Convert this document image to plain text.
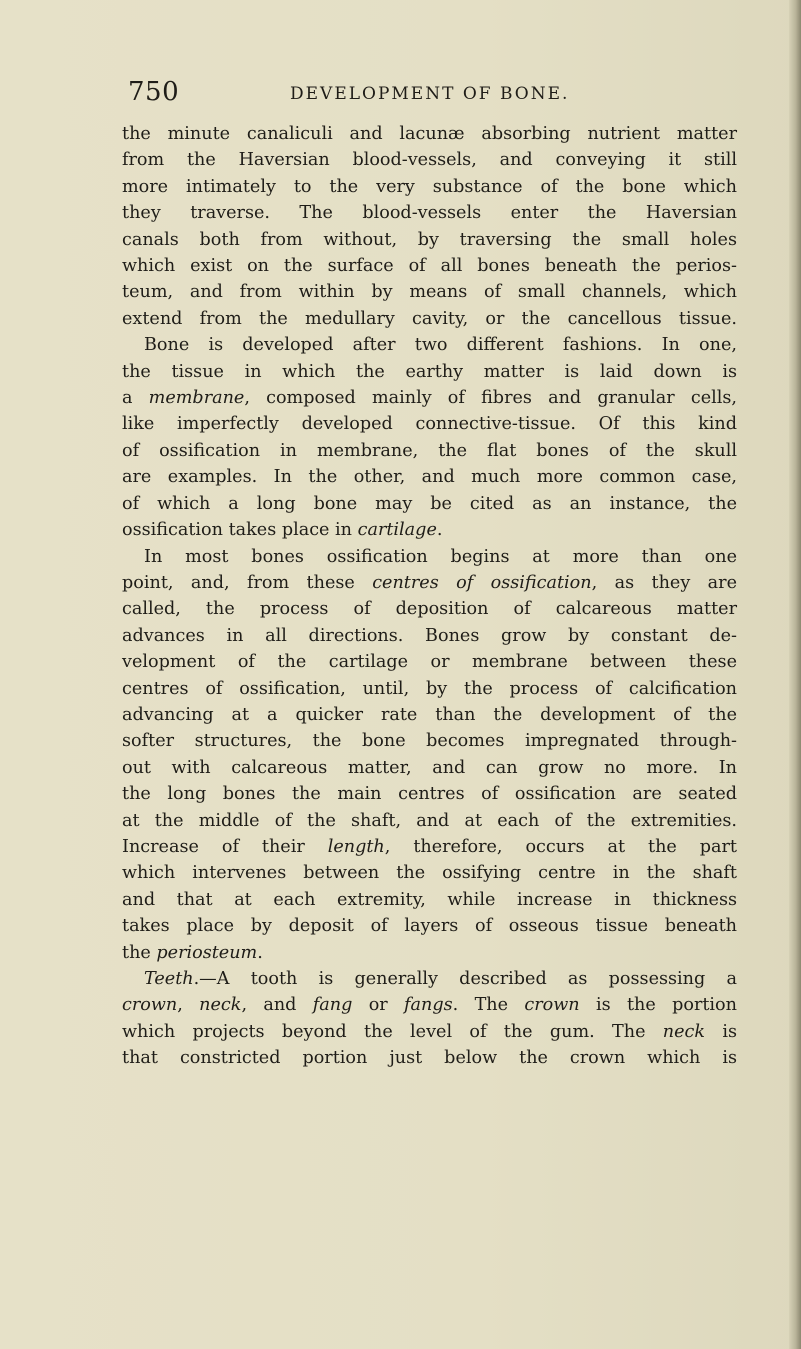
750	DEVELOPMENT OF BONE.
the minute canaliculi and lacunæ absorbing nutrient matter
from the Haversian blood-vessels, and conveying it still
more intimately to the very substance of the bone which
they traverse. The blood-vessels enter the Haversian
canals both from without, by traversing the small holes
which exist on the surface of all bones beneath the perios-
teum, and from within by means of small channels, which
extend from the medullary cavity, or the cancellous tissue.
Bone is developed after two different fashions. In one,
the tissue in which the earthy matter is laid down is
a membrane, composed mainly of fibres and granular cells,
like imperfectly developed connective-tissue. Of this kind
of ossification in membrane, the flat bones of the skull
are examples. In the other, and much more common case,
of which a long bone may be cited as an instance, the
ossification takes place in cartilage.
In most bones ossification begins at more than one
point, and, from these centres of ossification, as they are
called, the process of deposition of calcareous matter
advances in all directions. Bones grow by constant de-
velopment of the cartilage or membrane between these
centres of ossification, until, by the process of calcification
advancing at a quicker rate than the development of the
softer structures, the bone becomes impregnated through-
out with calcareous matter, and can grow no more. In
the long bones the main centres of ossification are seated
at the middle of the shaft, and at each of the extremities.
Increase of their length, therefore, occurs at the part
which intervenes between the ossifying centre in the shaft
and that at each extremity, while increase in thickness
takes place by deposit of layers of osseous tissue beneath
the periosteum.
Teeth.—A tooth is generally described as possessing a
crown, neck, and fang or fangs. The crown is the portion
which projects beyond the level of the gum. The neck is
that constricted portion just below the crown which is
